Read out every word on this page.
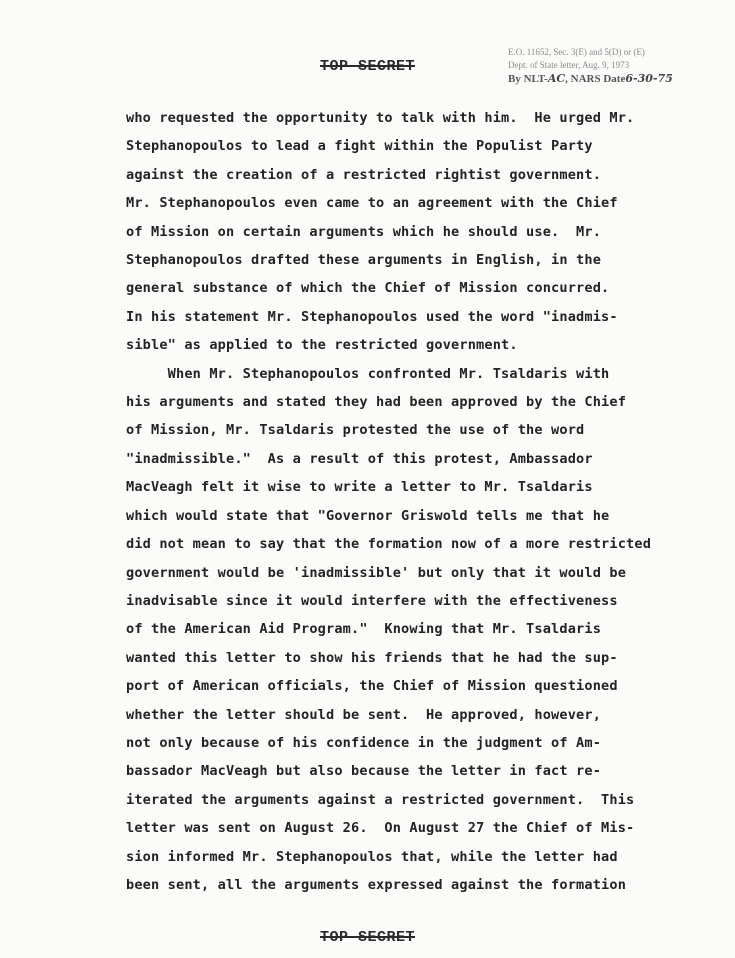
TOP SECRET
E.O. 11652, Sec. 3(E) and 5(D) or (E)
Dept. of State letter, Aug. 9, 1973
By NLT-AC, NARS Date6-30-75
who requested the opportunity to talk with him.  He urged Mr.
Stephanopoulos to lead a fight within the Populist Party
against the creation of a restricted rightist government.
Mr. Stephanopoulos even came to an agreement with the Chief
of Mission on certain arguments which he should use.  Mr.
Stephanopoulos drafted these arguments in English, in the
general substance of which the Chief of Mission concurred.
In his statement Mr. Stephanopoulos used the word "inadmis-
sible" as applied to the restricted government.
When Mr. Stephanopoulos confronted Mr. Tsaldaris with
his arguments and stated they had been approved by the Chief
of Mission, Mr. Tsaldaris protested the use of the word
"inadmissible."  As a result of this protest, Ambassador
MacVeagh felt it wise to write a letter to Mr. Tsaldaris
which would state that "Governor Griswold tells me that he
did not mean to say that the formation now of a more restricted
government would be 'inadmissible' but only that it would be
inadvisable since it would interfere with the effectiveness
of the American Aid Program."  Knowing that Mr. Tsaldaris
wanted this letter to show his friends that he had the sup-
port of American officials, the Chief of Mission questioned
whether the letter should be sent.  He approved, however,
not only because of his confidence in the judgment of Am-
bassador MacVeagh but also because the letter in fact re-
iterated the arguments against a restricted government.  This
letter was sent on August 26.  On August 27 the Chief of Mis-
sion informed Mr. Stephanopoulos that, while the letter had
been sent, all the arguments expressed against the formation
TOP SECRET
